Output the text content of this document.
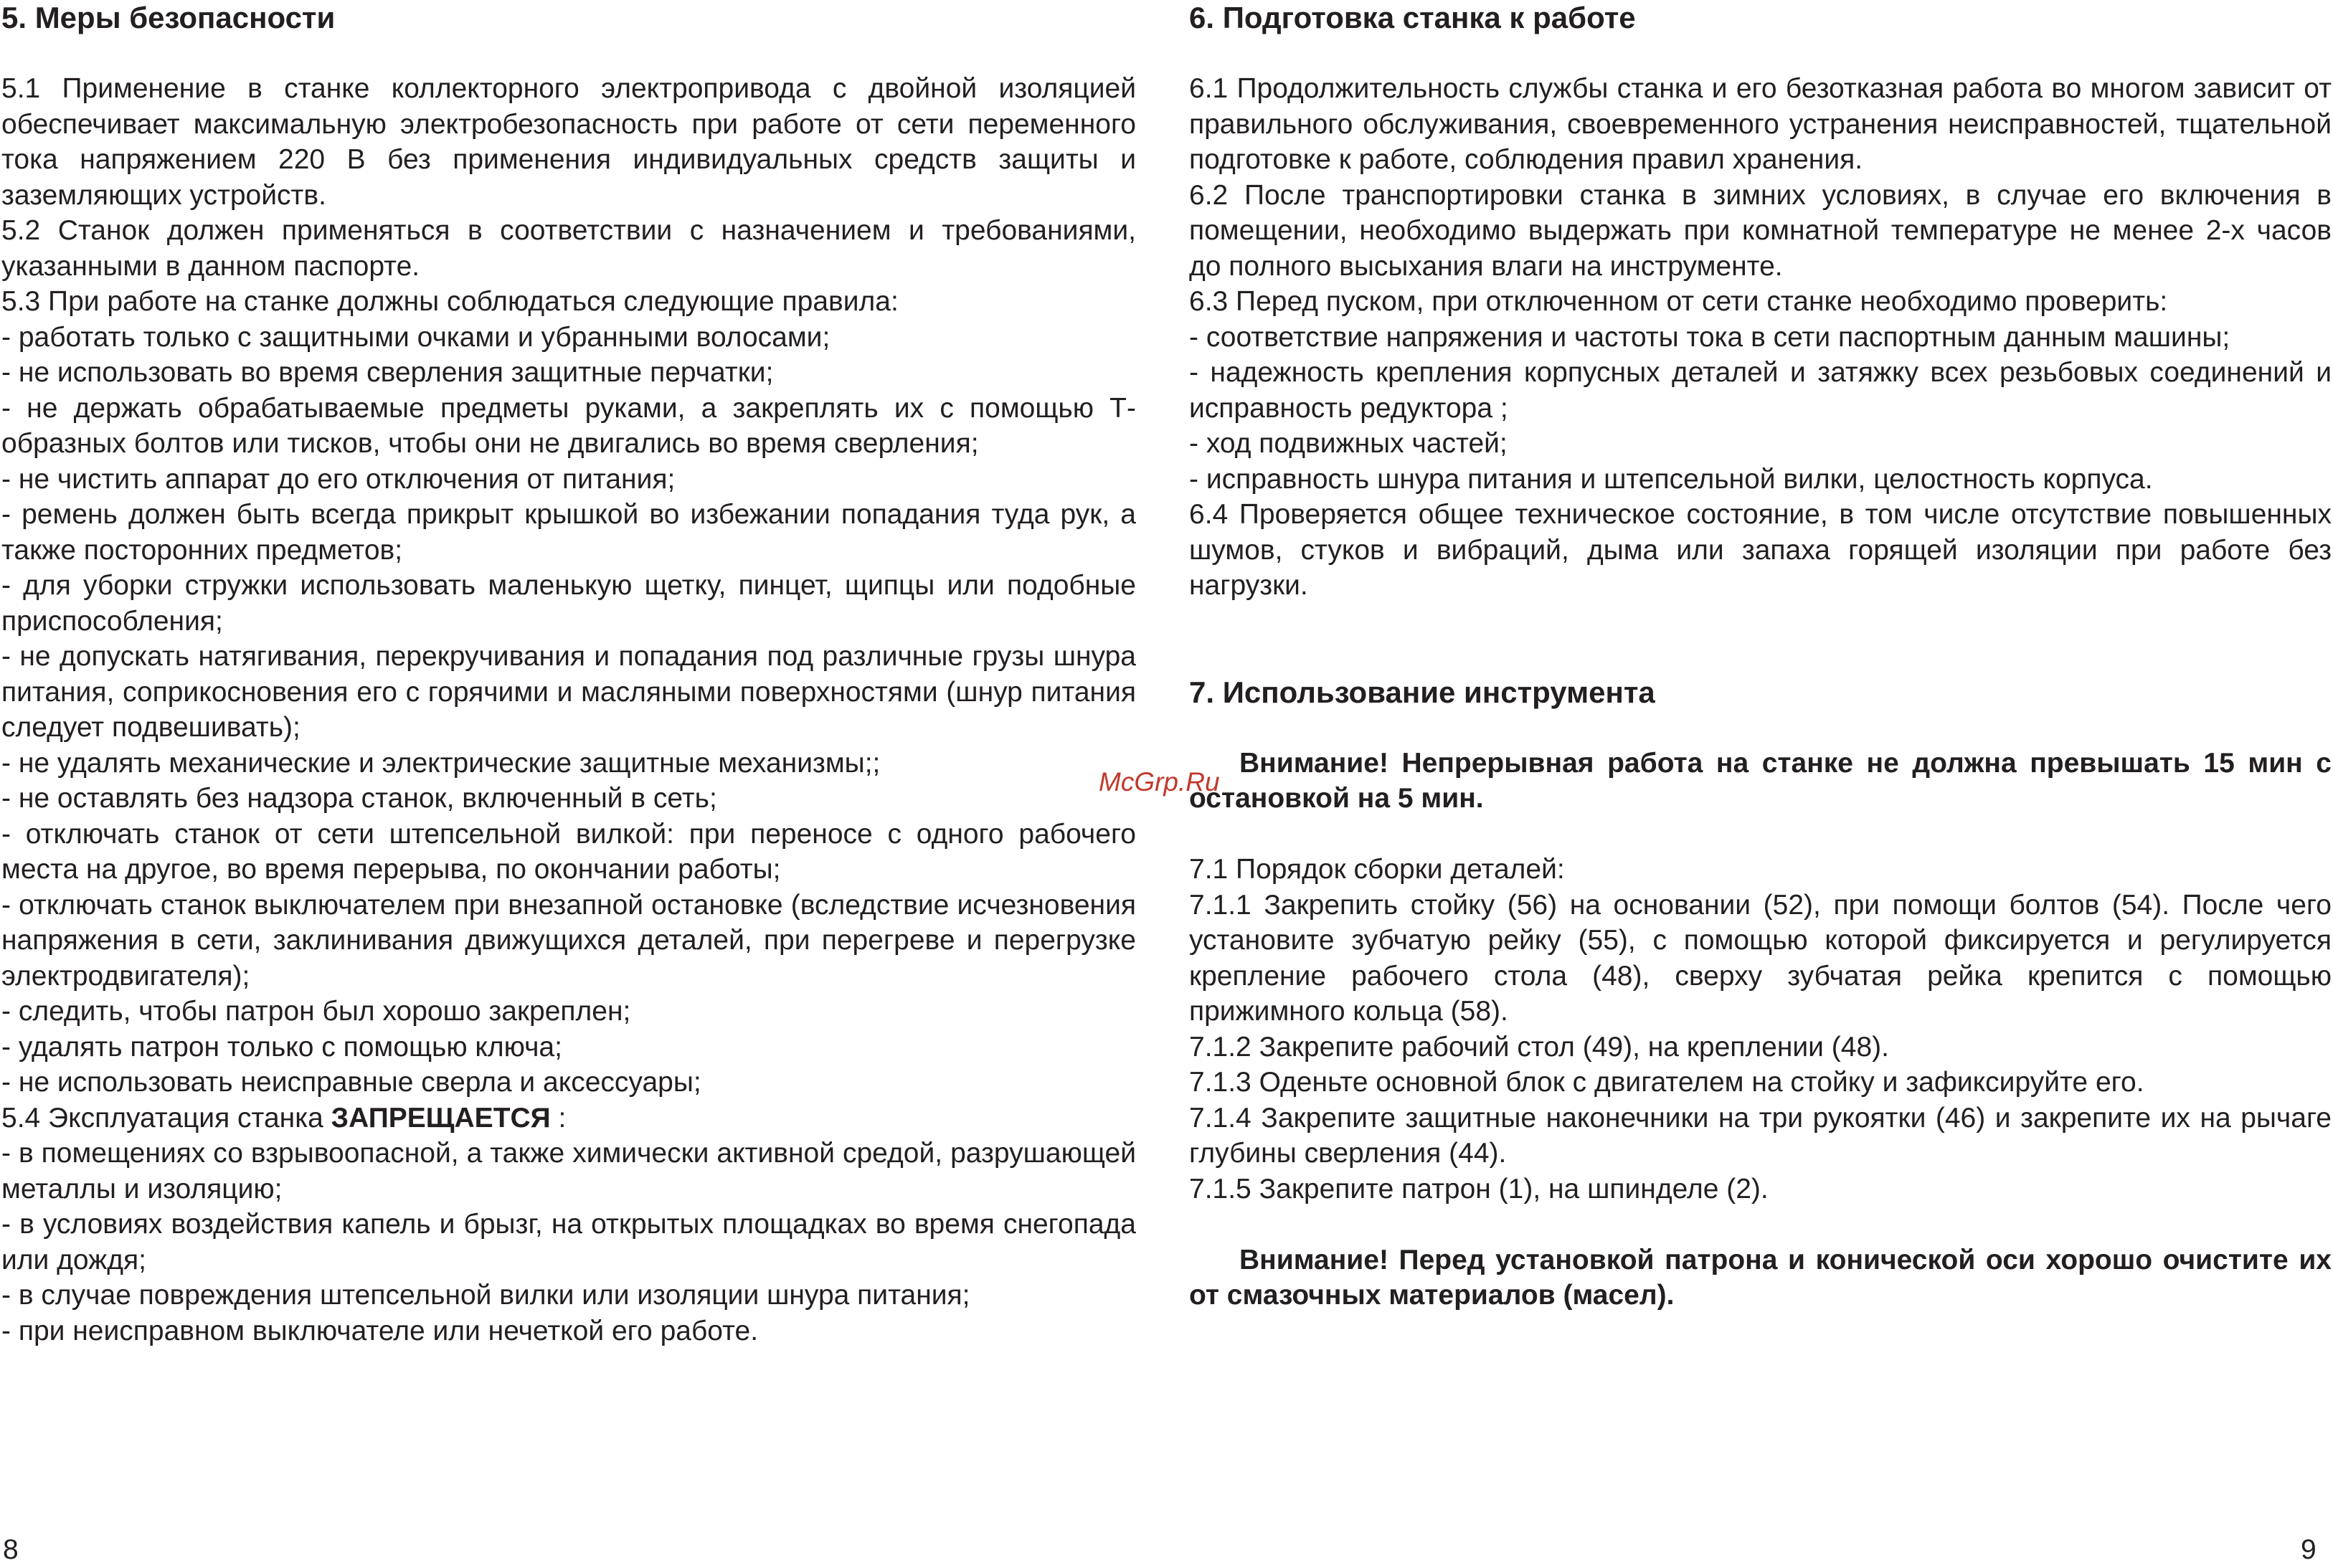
5. Меры безопасности

5.1 Применение в станке коллекторного электропривода с двойной изоляцией обеспечивает максимальную электробезопасность при работе от сети переменного тока напряжением 220 В без применения индивидуальных средств защиты и заземляющих устройств.

5.2 Станок должен применяться в соответствии с назначением и требованиями, указанными в данном паспорте.

5.3 При работе на станке должны соблюдаться следующие правила:

- работать только с защитными очками и убранными волосами;

- не использовать во время сверления защитные перчатки;

- не держать обрабатываемые предметы руками, а закреплять их с помощью Т- образных болтов или тисков, чтобы они не двигались во время сверления;

- не чистить аппарат до его отключения от питания;

- ремень должен быть всегда прикрыт крышкой во избежании попадания туда рук, а также посторонних предметов;

- для уборки стружки использовать маленькую щетку, пинцет, щипцы или подобные приспособления;

- не допускать натягивания, перекручивания и попадания под различные грузы шнура питания, соприкосновения его с горячими и масляными поверхностями (шнур питания следует подвешивать);

- не удалять механические и электрические защитные механизмы;;

- не оставлять без надзора станок, включенный в сеть;

- отключать станок от сети штепсельной вилкой: при переносе с одного рабочего места на другое, во время перерыва, по окончании работы;

- отключать станок выключателем при внезапной остановке (вследствие исчезновения напряжения в сети, заклинивания движущихся деталей, при перегреве и перегрузке электродвигателя);

- следить, чтобы патрон был хорошо закреплен;

- удалять патрон только с помощью ключа;

- не использовать неисправные сверла и аксессуары;

5.4 Эксплуатация станка ЗАПРЕЩАЕТСЯ :

- в помещениях со взрывоопасной, а также химически активной средой, разрушающей металлы и изоляцию;

- в условиях воздействия капель и брызг, на открытых площадках во время снегопада или дождя;

- в случае повреждения штепсельной вилки или изоляции шнура питания;

- при неисправном выключателе или нечеткой его работе.

6. Подготовка станка к работе

6.1 Продолжительность службы станка и его безотказная работа во многом зависит от правильного обслуживания, своевременного устранения неисправностей, тщательной подготовке к работе, соблюдения правил хранения.

6.2 После транспортировки станка в зимних условиях, в случае его включения в помещении, необходимо выдержать при комнатной температуре не менее 2-х часов до полного высыхания влаги на инструменте.

6.3 Перед пуском, при отключенном от сети станке необходимо проверить:

- соответствие напряжения и частоты тока в сети паспортным данным машины;

- надежность крепления корпусных деталей и затяжку всех резьбовых соединений и исправность редуктора ;

- ход подвижных частей;

- исправность шнура питания и штепсельной вилки, целостность корпуса.

6.4 Проверяется общее техническое состояние, в том числе отсутствие повышенных шумов, стуков и вибраций, дыма или запаха горящей изоляции при работе без нагрузки.

7. Использование инструмента

Внимание! Непрерывная работа на станке не должна превышать 15 мин с остановкой на 5 мин.

7.1 Порядок сборки деталей:

7.1.1 Закрепить стойку (56) на основании (52), при помощи болтов (54). После чего установите зубчатую рейку (55), с помощью которой фиксируется и регулируется крепление рабочего стола (48), сверху зубчатая рейка крепится с помощью прижимного кольца (58).

7.1.2 Закрепите рабочий стол (49), на креплении (48).

7.1.3 Оденьте основной блок с двигателем на стойку и зафиксируйте его.

7.1.4 Закрепите защитные наконечники на три рукоятки (46) и закрепите их на рычаге глубины сверления (44).

7.1.5 Закрепите патрон (1), на шпинделе (2).

Внимание! Перед установкой патрона и конической оси хорошо очистите их от смазочных материалов (масел).

McGrp.Ru
8	9
